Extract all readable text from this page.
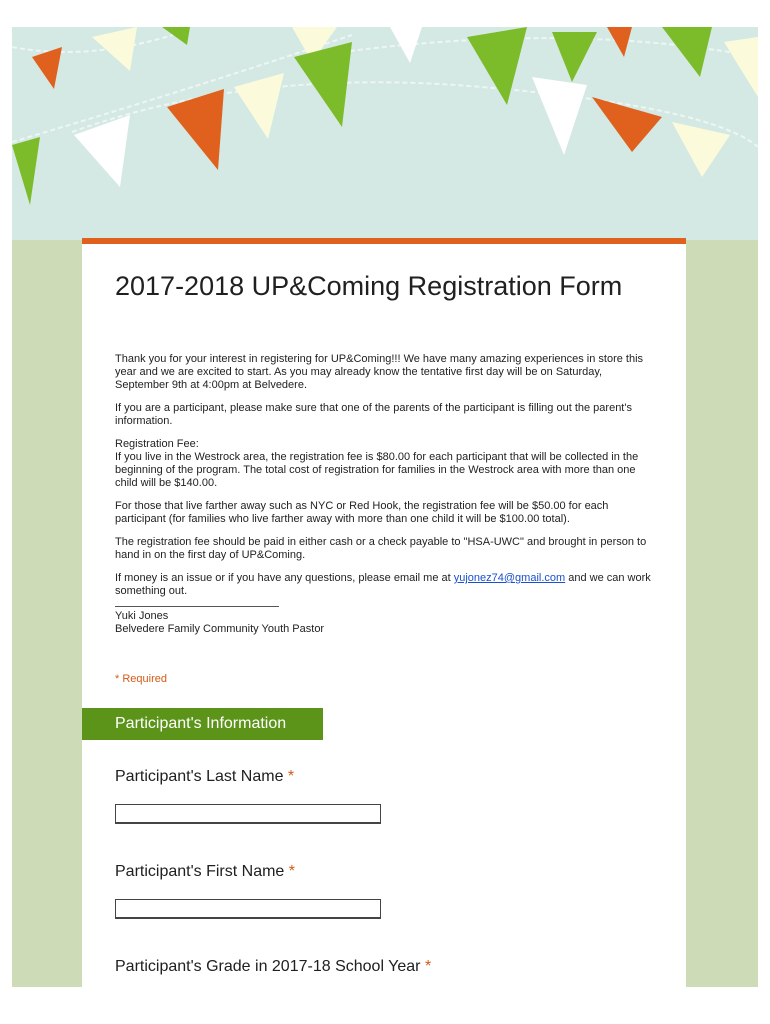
2017-2018 UP&Coming Registration Form

Thank you for your interest in registering for UP&Coming!!! We have many amazing experiences in store this year and we are excited to start. As you may already know the tentative first day will be on Saturday, September 9th at 4:00pm at Belvedere.

If you are a participant, please make sure that one of the parents of the participant is filling out the parent's information.

Registration Fee:
If you live in the Westrock area, the registration fee is $80.00 for each participant that will be collected in the beginning of the program. The total cost of registration for families in the Westrock area with more than one child will be $140.00.

For those that live farther away such as NYC or Red Hook, the registration fee will be $50.00 for each participant (for families who live farther away with more than one child it will be $100.00 total).

The registration fee should be paid in either cash or a check payable to "HSA-UWC" and brought in person to hand in on the first day of UP&Coming.

If money is an issue or if you have any questions, please email me at yujonez74@gmail.com and we can work something out.

Yuki Jones
Belvedere Family Community Youth Pastor
* Required
Participant's Information
Participant's Last Name *
Participant's First Name *
Participant's Grade in 2017-18 School Year *
